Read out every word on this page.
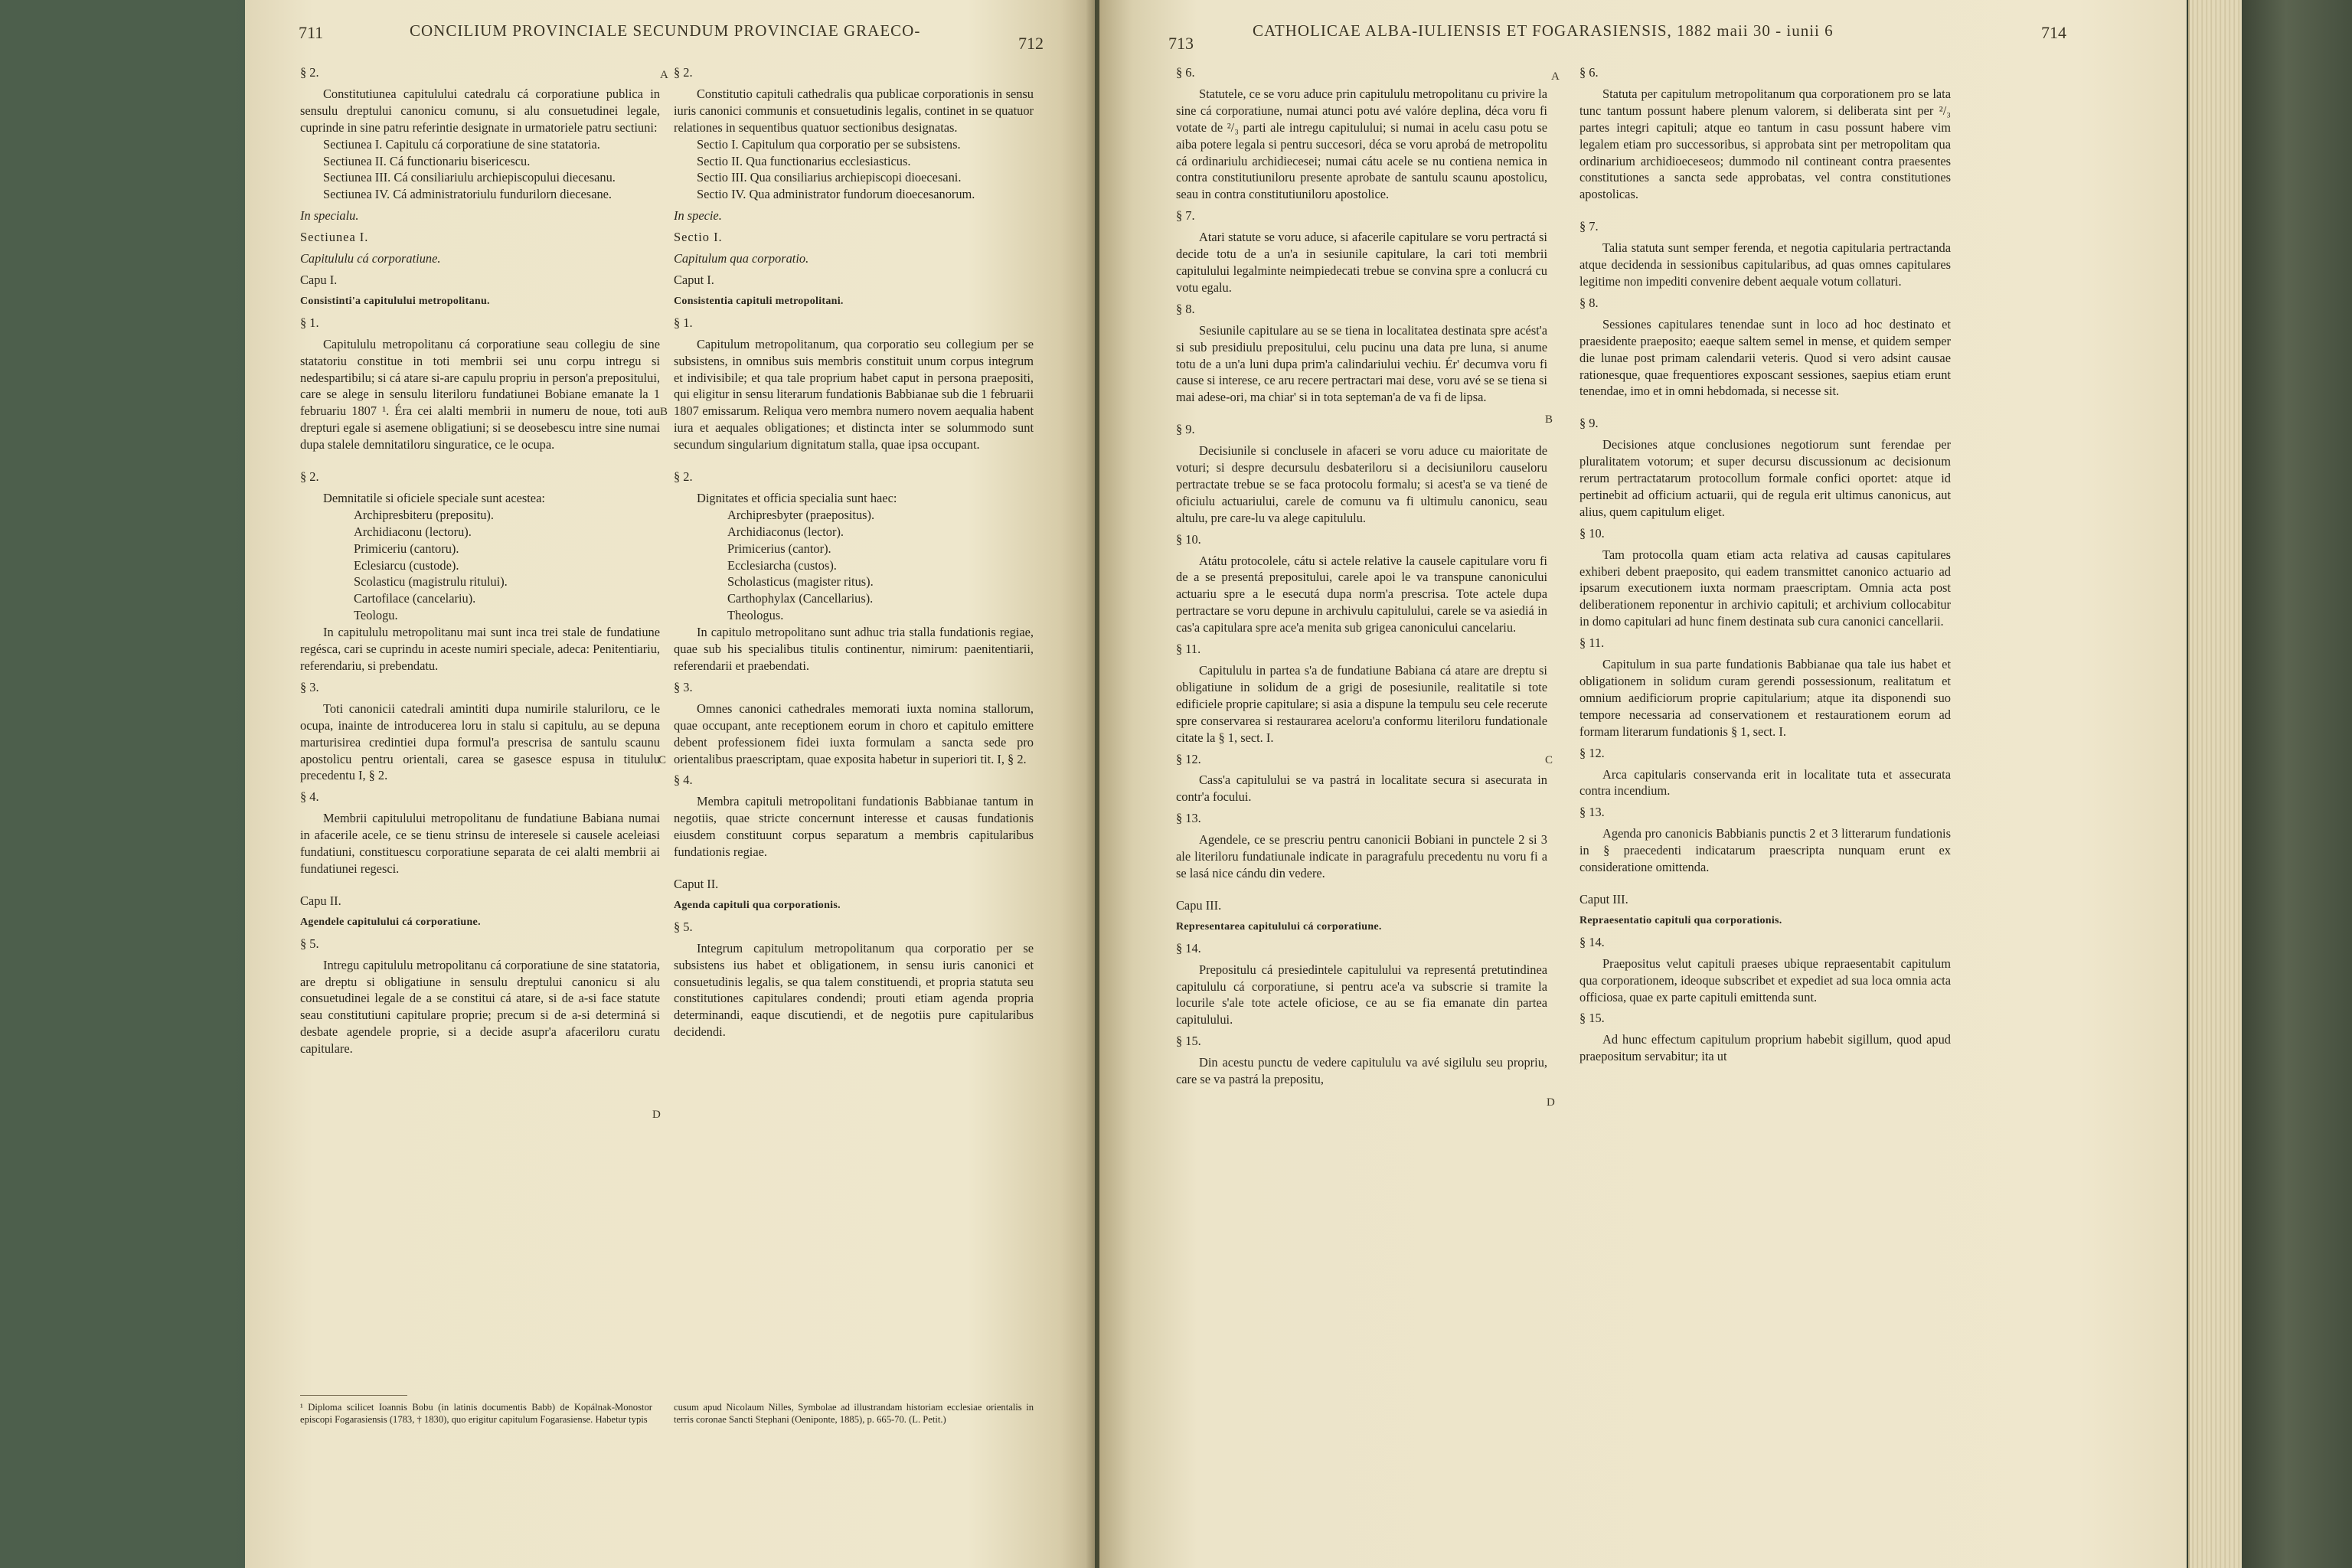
711	CONCILIUM PROVINCIALE SECUNDUM PROVINCIAE GRAECO-
712
§ 2.
Constitutiunea capitulului catedralu cá corporatiune publica in sensulu dreptului canonicu comunu, si alu consuetudinei legale, cuprinde in sine patru referintie designate in urmatoriele patru sectiuni:
Sectiunea I. Capitulu cá corporatiune de sine statatoria.
Sectiunea II. Cá functionariu bisericescu.
Sectiunea III. Cá consiliariulu archiepiscopului diecesanu.
Sectiunea IV. Cá administratoriulu fundurilorn diecesane.
In specialu.
Sectiunea I.
Capitululu cá corporatiune.
Capu I.
Consistinti'a capitulului metropolitanu.
§ 1.
Capitululu metropolitanu cá corporatiune seau collegiu de sine statatoriu constitue in toti membrii sei unu corpu intregu si nedespartibilu; si cá atare si-are capulu propriu in person'a prepositului, care se alege in sensulu literiloru fundatiunei Bobiane emanate la 1 februariu 1807 ¹. Éra cei alalti membrii in numeru de noue, toti au drepturi egale si asemene obligatiuni; si se deosebescu intre sine numai dupa stalele demnitatiloru singuratice, ce le ocupa.
§ 2.
Demnitatile si oficiele speciale sunt acestea:
Archipresbiteru (prepositu).
Archidiaconu (lectoru).
Primiceriu (cantoru).
Eclesiarcu (custode).
Scolasticu (magistrulu ritului).
Cartofilace (cancelariu).
Teologu.
In capitululu metropolitanu mai sunt inca trei stale de fundatiune regésca, cari se cuprindu in aceste numiri speciale, adeca: Penitentiariu, referendariu, si prebendatu.
§ 3.
Toti canonicii catedrali amintiti dupa numirile staluriloru, ce le ocupa, inainte de introducerea loru in stalu si capitulu, au se depuna marturisirea credintiei dupa formul'a prescrisa de santulu scaunu apostolicu pentru orientali, carea se gasesce espusa in titululu precedentu I, § 2.
§ 4.
Membrii capitulului metropolitanu de fundatiune Babiana numai in afacerile acele, ce se tienu strinsu de interesele si causele aceleiasi fundatiuni, constituescu corporatiune separata de cei alalti membrii ai fundatiunei regesci.
Capu II.
Agendele capitulului cá corporatiune.
§ 5.
Intregu capitululu metropolitanu cá corporatiune de sine statatoria, are dreptu si obligatiune in sensulu dreptului canonicu si alu consuetudinei legale de a se constitui cá atare, si de a-si face statute seau constitutiuni capitulare proprie; precum si de a-si determiná si desbate agendele proprie, si a decide asupr'a afaceriloru curatu capitulare.
§ 2.
Constitutio capituli cathedralis qua publicae corporationis in sensu iuris canonici communis et consuetudinis legalis, continet in se quatuor relationes in sequentibus quatuor sectionibus designatas.
Sectio I. Capitulum qua corporatio per se subsistens.
Sectio II. Qua functionarius ecclesiasticus.
Sectio III. Qua consiliarius archiepiscopi dioecesani.
Sectio IV. Qua administrator fundorum dioecesanorum.
In specie.
Sectio I.
Capitulum qua corporatio.
Caput I.
Consistentia capituli metropolitani.
§ 1.
Capitulum metropolitanum, qua corporatio seu collegium per se subsistens, in omnibus suis membris constituit unum corpus integrum et indivisibile; et qua tale proprium habet caput in persona praepositi, qui eligitur in sensu literarum fundationis Babbianae sub die 1 februarii 1807 emissarum. Reliqua vero membra numero novem aequalia habent iura et aequales obligationes; et distincta inter se solummodo sunt secundum singularium dignitatum stalla, quae ipsa occupant.
§ 2.
Dignitates et officia specialia sunt haec:
Archipresbyter (praepositus).
Archidiaconus (lector).
Primicerius (cantor).
Ecclesiarcha (custos).
Scholasticus (magister ritus).
Carthophylax (Cancellarius).
Theologus.
In capitulo metropolitano sunt adhuc tria stalla fundationis regiae, quae sub his specialibus titulis continentur, nimirum: paenitentiarii, referendarii et praebendati.
§ 3.
Omnes canonici cathedrales memorati iuxta nomina stallorum, quae occupant, ante receptionem eorum in choro et capitulo emittere debent professionem fidei iuxta formulam a sancta sede pro orientalibus praescriptam, quae exposita habetur in superiori tit. I, § 2.
§ 4.
Membra capituli metropolitani fundationis Babbianae tantum in negotiis, quae stricte concernunt interesse et causas fundationis eiusdem constituunt corpus separatum a membris capitularibus fundationis regiae.
Caput II.
Agenda capituli qua corporationis.
§ 5.
Integrum capitulum metropolitanum qua corporatio per se subsistens ius habet et obligationem, in sensu iuris canonici et consuetudinis legalis, se qua talem constituendi, et propria statuta seu constitutiones capitulares condendi; prouti etiam agenda propria determinandi, eaque discutiendi, et de negotiis pure capitularibus decidendi.
A
B
C
D
¹ Diploma scilicet Ioannis Bobu (in latinis documentis Babb) de Kopálnak-Monostor episcopi Fogarasiensis (1783, † 1830), quo erigitur capitulum Fogarasiense. Habetur typis
cusum apud Nicolaum Nilles, Symbolae ad illustrandam historiam ecclesiae orientalis in terris coronae Sancti Stephani (Oeniponte, 1885), p. 665-70. (L. Petit.)
713
CATHOLICAE ALBA-IULIENSIS ET FOGARASIENSIS, 1882 maii 30 - iunii 6	714
§ 6.
Statutele, ce se voru aduce prin capitululu metropolitanu cu privire la sine cá corporatiune, numai atunci potu avé valóre deplina, déca voru fi votate de ²/₃ parti ale intregu capitulului; si numai in acelu casu potu se aiba potere legala si pentru succesori, déca se voru aprobá de metropolitu cá ordinariulu archidiecesei; numai cátu acele se nu contiena nemica in contra constitutiuniloru presente aprobate de santulu scaunu apostolicu, seau in contra constitutiuniloru apostolice.
§ 7.
Atari statute se voru aduce, si afacerile capitulare se voru pertractá si decide totu de a un'a in sesiunile capitulare, la cari toti membrii capitulului legalminte neimpiedecati trebue se convina spre a conlucrá cu votu egalu.
§ 8.
Sesiunile capitulare au se se tiena in localitatea destinata spre acést'a si sub presidiulu prepositului, celu pucinu una data pre luna, si anume totu de a un'a luni dupa prim'a calindariului vechiu. Ér' decumva voru fi cause si interese, ce aru recere pertractari mai dese, voru avé se se tiena si mai adese-ori, ma chiar' si in tota septeman'a de va fi de lipsa.
§ 9.
Decisiunile si conclusele in afaceri se voru aduce cu maioritate de voturi; si despre decursulu desbateriloru si a decisiuniloru causeloru pertractate trebue se se faca protocolu formalu; si acest'a se va tiené de oficiulu actuariului, carele de comunu va fi ultimulu canonicu, seau altulu, pre care-lu va alege capitululu.
§ 10.
Atátu protocolele, cátu si actele relative la causele capitulare voru fi de a se presentá prepositului, carele apoi le va transpune canonicului actuariu spre a le esecutá dupa norm'a prescrisa. Tote actele dupa pertractare se voru depune in archivulu capitulului, carele se va asiediá in cas'a capitulara spre ace'a menita sub grigea canonicului cancelariu.
§ 11.
Capitululu in partea s'a de fundatiune Babiana cá atare are dreptu si obligatiune in solidum de a grigi de posesiunile, realitatile si tote edificiele proprie capitulare; si asia a dispune la tempulu seu cele recerute spre conservarea si restaurarea aceloru'a conformu literiloru fundationale citate la § 1, sect. I.
§ 12.
Cass'a capitulului se va pastrá in localitate secura si asecurata in contr'a focului.
§ 13.
Agendele, ce se prescriu pentru canonicii Bobiani in punctele 2 si 3 ale literiloru fundatiunale indicate in paragrafulu precedentu nu voru fi a se lasá nice cándu din vedere.
Capu III.
Representarea capitulului cá corporatiune.
§ 14.
Prepositulu cá presiedintele capitulului va representá pretutindinea capitululu cá corporatiune, si pentru ace'a va subscrie si tramite la locurile s'ale tote actele oficiose, ce au se fia emanate din partea capitulului.
§ 15.
Din acestu punctu de vedere capitululu va avé sigilulu seu propriu, care se va pastrá la prepositu,
§ 6.
Statuta per capitulum metropolitanum qua corporationem pro se lata tunc tantum possunt habere plenum valorem, si deliberata sint per ²/₃ partes integri capituli; atque eo tantum in casu possunt habere vim legalem etiam pro successoribus, si approbata sint per metropolitam qua ordinarium archidioeceseos; dummodo nil contineant contra praesentes constitutiones a sancta sede approbatas, vel contra constitutiones apostolicas.
§ 7.
Talia statuta sunt semper ferenda, et negotia capitularia pertractanda atque decidenda in sessionibus capitularibus, ad quas omnes capitulares legitime non impediti convenire debent aequale votum collaturi.
§ 8.
Sessiones capitulares tenendae sunt in loco ad hoc destinato et praesidente praeposito; eaeque saltem semel in mense, et quidem semper die lunae post primam calendarii veteris. Quod si vero adsint causae rationesque, quae frequentiores exposcant sessiones, saepius etiam erunt tenendae, imo et in omni hebdomada, si necesse sit.
§ 9.
Decisiones atque conclusiones negotiorum sunt ferendae per pluralitatem votorum; et super decursu discussionum ac decisionum rerum pertractatarum protocollum formale confici oportet: atque id pertinebit ad officium actuarii, qui de regula erit ultimus canonicus, aut alius, quem capitulum eliget.
§ 10.
Tam protocolla quam etiam acta relativa ad causas capitulares exhiberi debent praeposito, qui eadem transmittet canonico actuario ad ipsarum executionem iuxta normam praescriptam. Omnia acta post deliberationem reponentur in archivio capituli; et archivium collocabitur in domo capitulari ad hunc finem destinata sub cura canonici cancellarii.
§ 11.
Capitulum in sua parte fundationis Babbianae qua tale ius habet et obligationem in solidum curam gerendi possessionum, realitatum et omnium aedificiorum proprie capitularium; atque ita disponendi suo tempore necessaria ad conservationem et restaurationem eorum ad formam literarum fundationis § 1, sect. I.
§ 12.
Arca capitularis conservanda erit in localitate tuta et assecurata contra incendium.
§ 13.
Agenda pro canonicis Babbianis punctis 2 et 3 litterarum fundationis in § praecedenti indicatarum praescripta nunquam erunt ex consideratione omittenda.
Caput III.
Repraesentatio capituli qua corporationis.
§ 14.
Praepositus velut capituli praeses ubique repraesentabit capitulum qua corporationem, ideoque subscribet et expediet ad sua loca omnia acta officiosa, quae ex parte capituli emittenda sunt.
§ 15.
Ad hunc effectum capitulum proprium habebit sigillum, quod apud praepositum servabitur; ita ut
A
B
C
D
